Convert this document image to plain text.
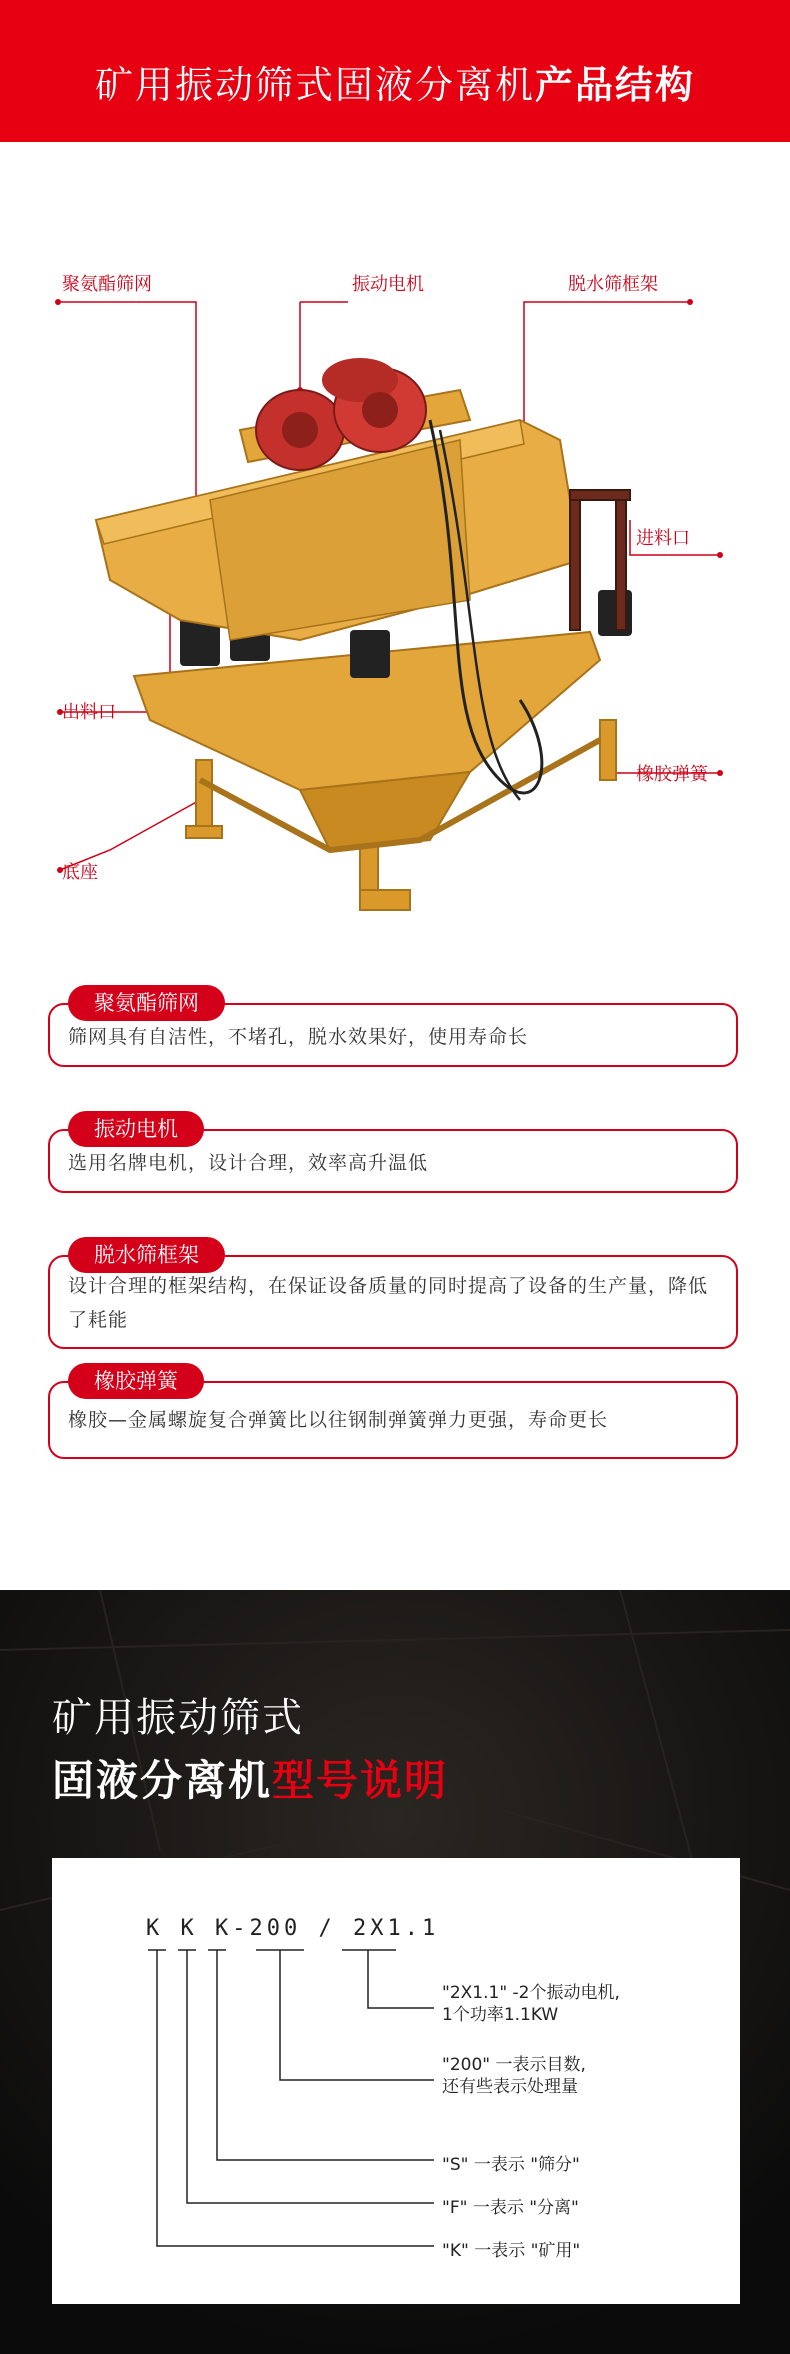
矿用振动筛式固液分离机产品结构
聚氨酯筛网	振动电机	脱水筛框架
进料口
出料口
橡胶弹簧
底座
聚氨酯筛网
筛网具有自洁性，不堵孔，脱水效果好，使用寿命长
振动电机
选用名牌电机，设计合理，效率高升温低
脱水筛框架
设计合理的框架结构，在保证设备质量的同时提高了设备的生产量，降低了耗能
橡胶弹簧
橡胶—金属螺旋复合弹簧比以往钢制弹簧弹力更强，寿命更长
矿用振动筛式
固液分离机型号说明
K K K-200 / 2X1.1
"2X1.1" -2个振动电机,
1个功率1.1KW
"200" 一表示目数,
还有些表示处理量
"S" 一表示 "筛分"
"F" 一表示 "分离"
"K" 一表示 "矿用"
